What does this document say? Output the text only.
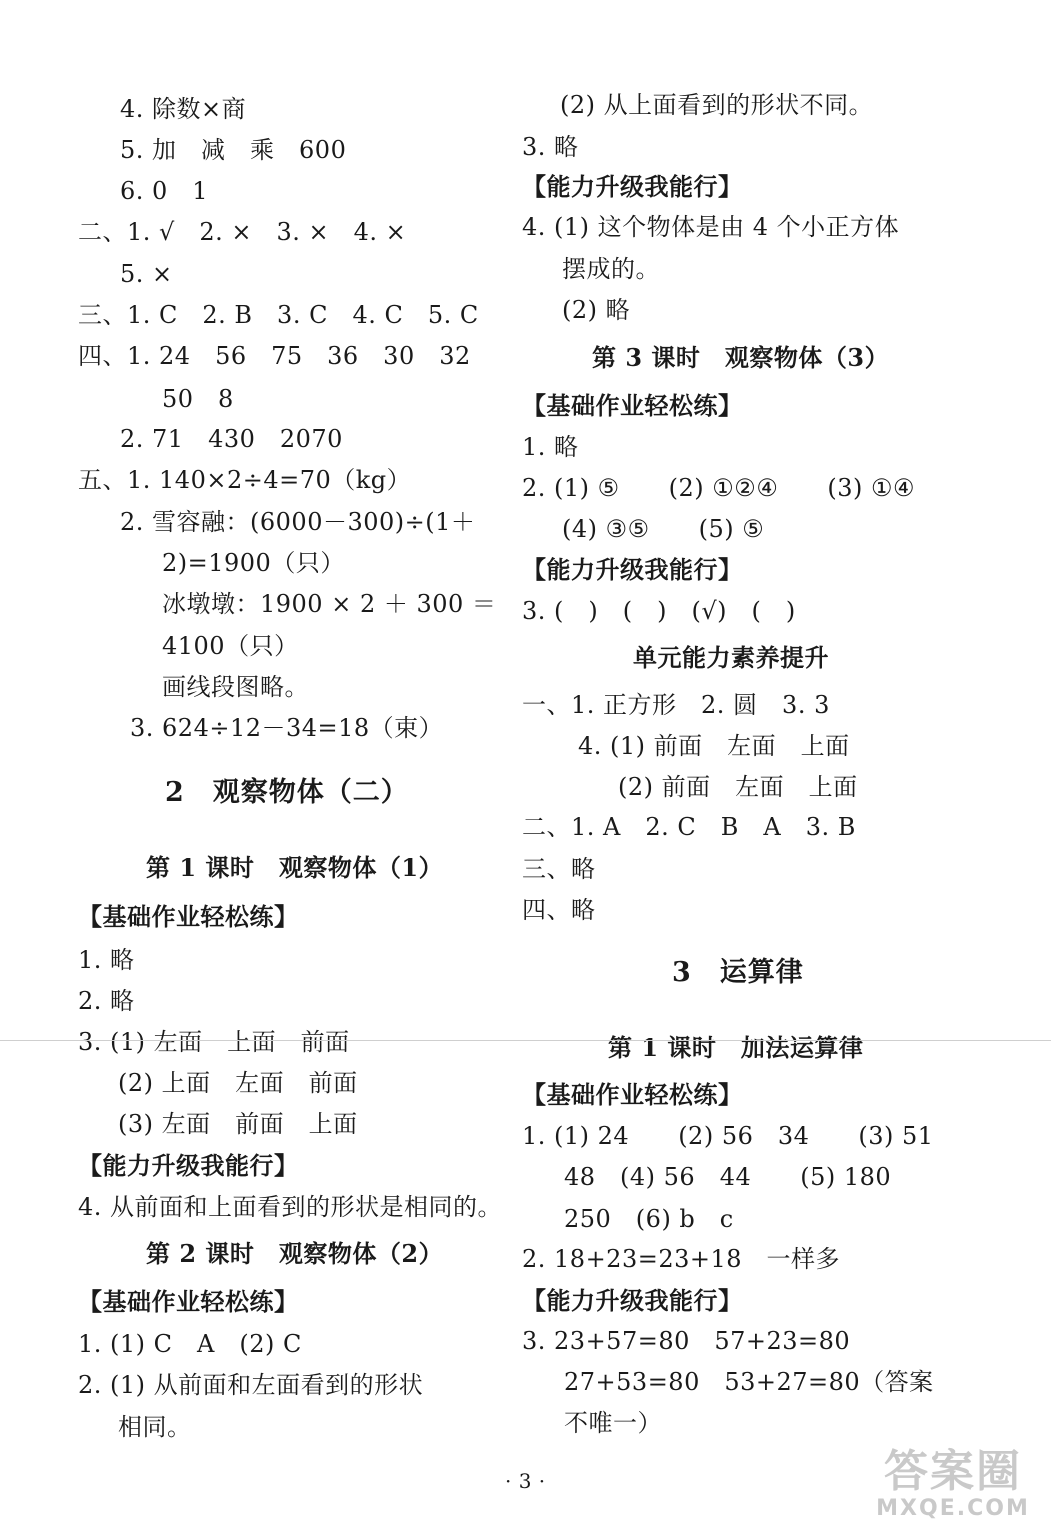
4. 除数×商
5. 加　减　乘　600
6. 0　1
二、1. √　2. ×　3. ×　4. ×
5. ×
三、1. C　2. B　3. C　4. C　5. C
四、1. 24　56　75　36　30　32
50　8
2. 71　430　2070
五、1. 140×2÷4=70（kg）
2. 雪容融：(6000－300)÷(1＋
2)=1900（只）
冰墩墩：1900 × 2 ＋ 300 ＝
4100（只）
画线段图略。
3. 624÷12－34=18（束）
2　观察物体（二）
第 1 课时　观察物体（1）
【基础作业轻松练】
1. 略
2. 略
3. (1) 左面　上面　前面
(2) 上面　左面　前面
(3) 左面　前面　上面
【能力升级我能行】
4. 从前面和上面看到的形状是相同的。
第 2 课时　观察物体（2）
【基础作业轻松练】
1. (1) C　A　(2) C
2. (1) 从前面和左面看到的形状
相同。
(2) 从上面看到的形状不同。
3. 略
【能力升级我能行】
4. (1) 这个物体是由 4 个小正方体
摆成的。
(2) 略
第 3 课时　观察物体（3）
【基础作业轻松练】
1. 略
2. (1) ⑤　　(2) ①②④　　(3) ①④
(4) ③⑤　　(5) ⑤
【能力升级我能行】
3. (　)　(　)　(√)　(　)
单元能力素养提升
一、1. 正方形　2. 圆　3. 3
4. (1) 前面　左面　上面
(2) 前面　左面　上面
二、1. A　2. C　B　A　3. B
三、略
四、略
3　运算律
第 1 课时　加法运算律
【基础作业轻松练】
1. (1) 24　　(2) 56　34　　(3) 51
48　(4) 56　44　　(5) 180
250　(6) b　c
2. 18+23=23+18　一样多
【能力升级我能行】
3. 23+57=80　57+23=80
27+53=80　53+27=80（答案
不唯一）
· 3 ·	答案圈
MXQE.COM
